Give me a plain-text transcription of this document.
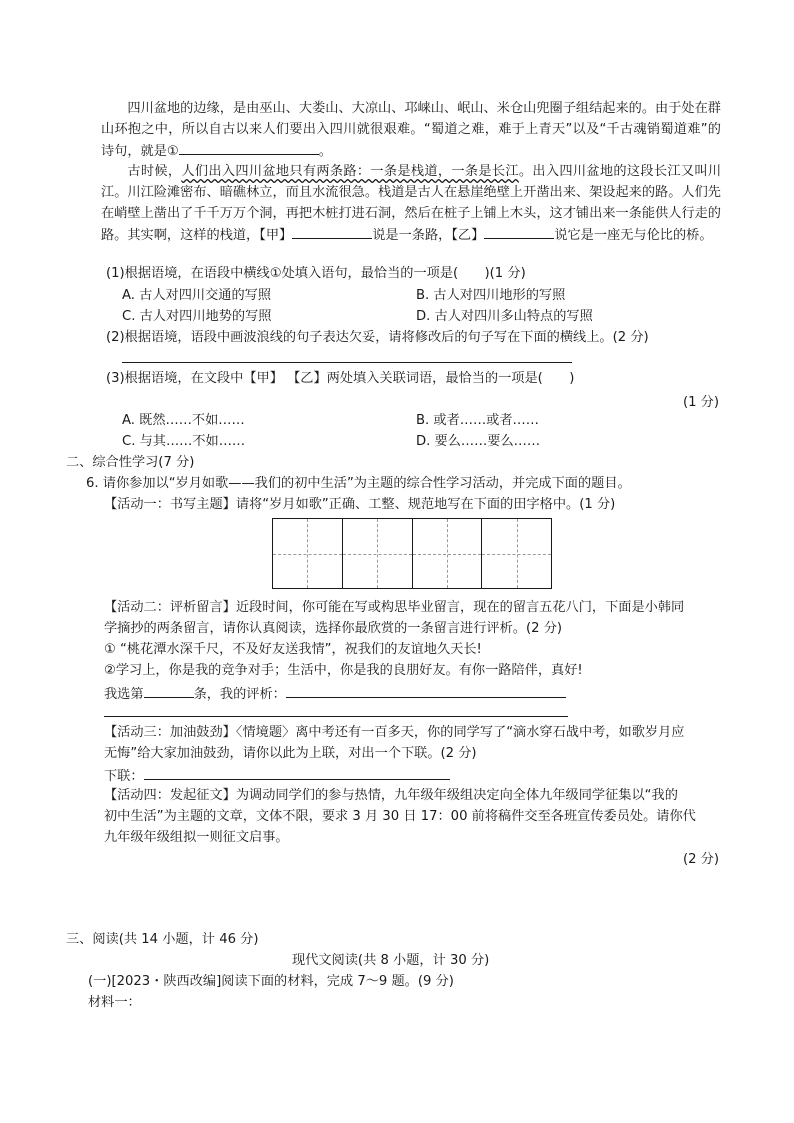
四川盆地的边缘，是由巫山、大娄山、大凉山、邛崃山、岷山、米仓山兜圈子组结起来的。由于处在群山环抱之中，所以自古以来人们要出入四川就很艰难。“蜀道之难，难于上青天”以及“千古魂销蜀道难”的诗句，就是①	。
古时候，人们出入四川盆地只有两条路：一条是栈道，一条是长江。出入四川盆地的这段长江又叫川江。川江险滩密布、暗礁林立，而且水流很急。栈道是古人在悬崖绝壁上开凿出来、架设起来的路。人们先在峭壁上凿出了千千万万个洞，再把木桩打进石洞，然后在桩子上铺上木头，这才铺出来一条能供人行走的路。其实啊，这样的栈道，【甲】	说是一条路，【乙】	说它是一座无与伦比的桥。
(1)根据语境，在语段中横线①处填入语句，最恰当的一项是(　　)(1 分)
A. 古人对四川交通的写照	B. 古人对四川地形的写照
C. 古人对四川地势的写照	D. 古人对四川多山特点的写照
(2)根据语境，语段中画波浪线的句子表达欠妥，请将修改后的句子写在下面的横线上。(2 分)
(3)根据语境，在文段中【甲】 【乙】两处填入关联词语，最恰当的一项是(　　)
(1 分)
A. 既然……不如……	B. 或者……或者……
C. 与其……不如……	D. 要么……要么……
二、综合性学习(7 分)
6. 请你参加以“岁月如歌——我们的初中生活”为主题的综合性学习活动，并完成下面的题目。
【活动一：书写主题】请将“岁月如歌”正确、工整、规范地写在下面的田字格中。(1 分)
【活动二：评析留言】近段时间，你可能在写或构思毕业留言，现在的留言五花八门，下面是小韩同
学摘抄的两条留言，请你认真阅读，选择你最欣赏的一条留言进行评析。(2 分)
① “桃花潭水深千尺，不及好友送我情”，祝我们的友谊地久天长!
②学习上，你是我的竞争对手；生活中，你是我的良朋好友。有你一路陪伴，真好!
我选第	条，我的评析：
【活动三：加油鼓劲】〈情境题〉离中考还有一百多天，你的同学写了“滴水穿石战中考，如歌岁月应
无悔”给大家加油鼓劲，请你以此为上联，对出一个下联。(2 分)
下联：
【活动四：发起征文】为调动同学们的参与热情，九年级年级组决定向全体九年级同学征集以“我的
初中生活”为主题的文章，文体不限，要求 3 月 30 日 17：00 前将稿件交至各班宣传委员处。请你代
九年级年级组拟一则征文启事。
(2 分)
三、阅读(共 14 小题，计 46 分)
现代文阅读(共 8 小题，计 30 分)
(一)[2023・陕西改编]阅读下面的材料，完成 7～9 题。(9 分)
材料一：
